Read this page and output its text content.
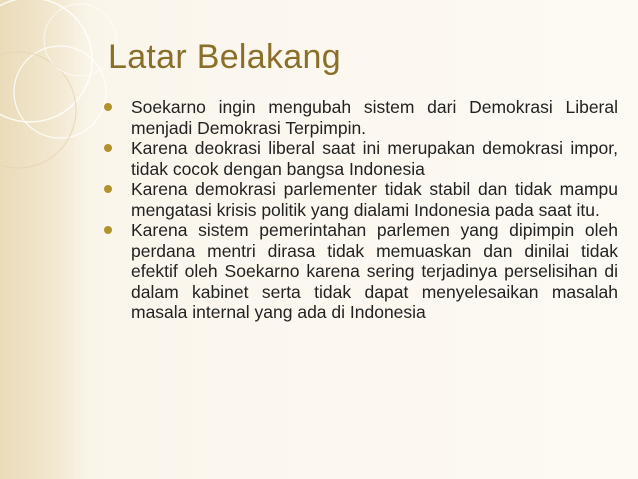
Latar Belakang
Soekarno ingin mengubah sistem dari Demokrasi Liberal menjadi Demokrasi Terpimpin.
Karena deokrasi liberal saat ini merupakan demokrasi impor, tidak cocok dengan bangsa Indonesia
Karena demokrasi parlementer tidak stabil dan tidak mampu mengatasi krisis politik yang dialami Indonesia pada saat itu.
Karena sistem pemerintahan parlemen yang dipimpin oleh perdana mentri dirasa tidak memuaskan dan dinilai tidak efektif oleh Soekarno karena sering terjadinya perselisihan di dalam kabinet serta tidak dapat menyelesaikan masalah masala internal yang ada di Indonesia
